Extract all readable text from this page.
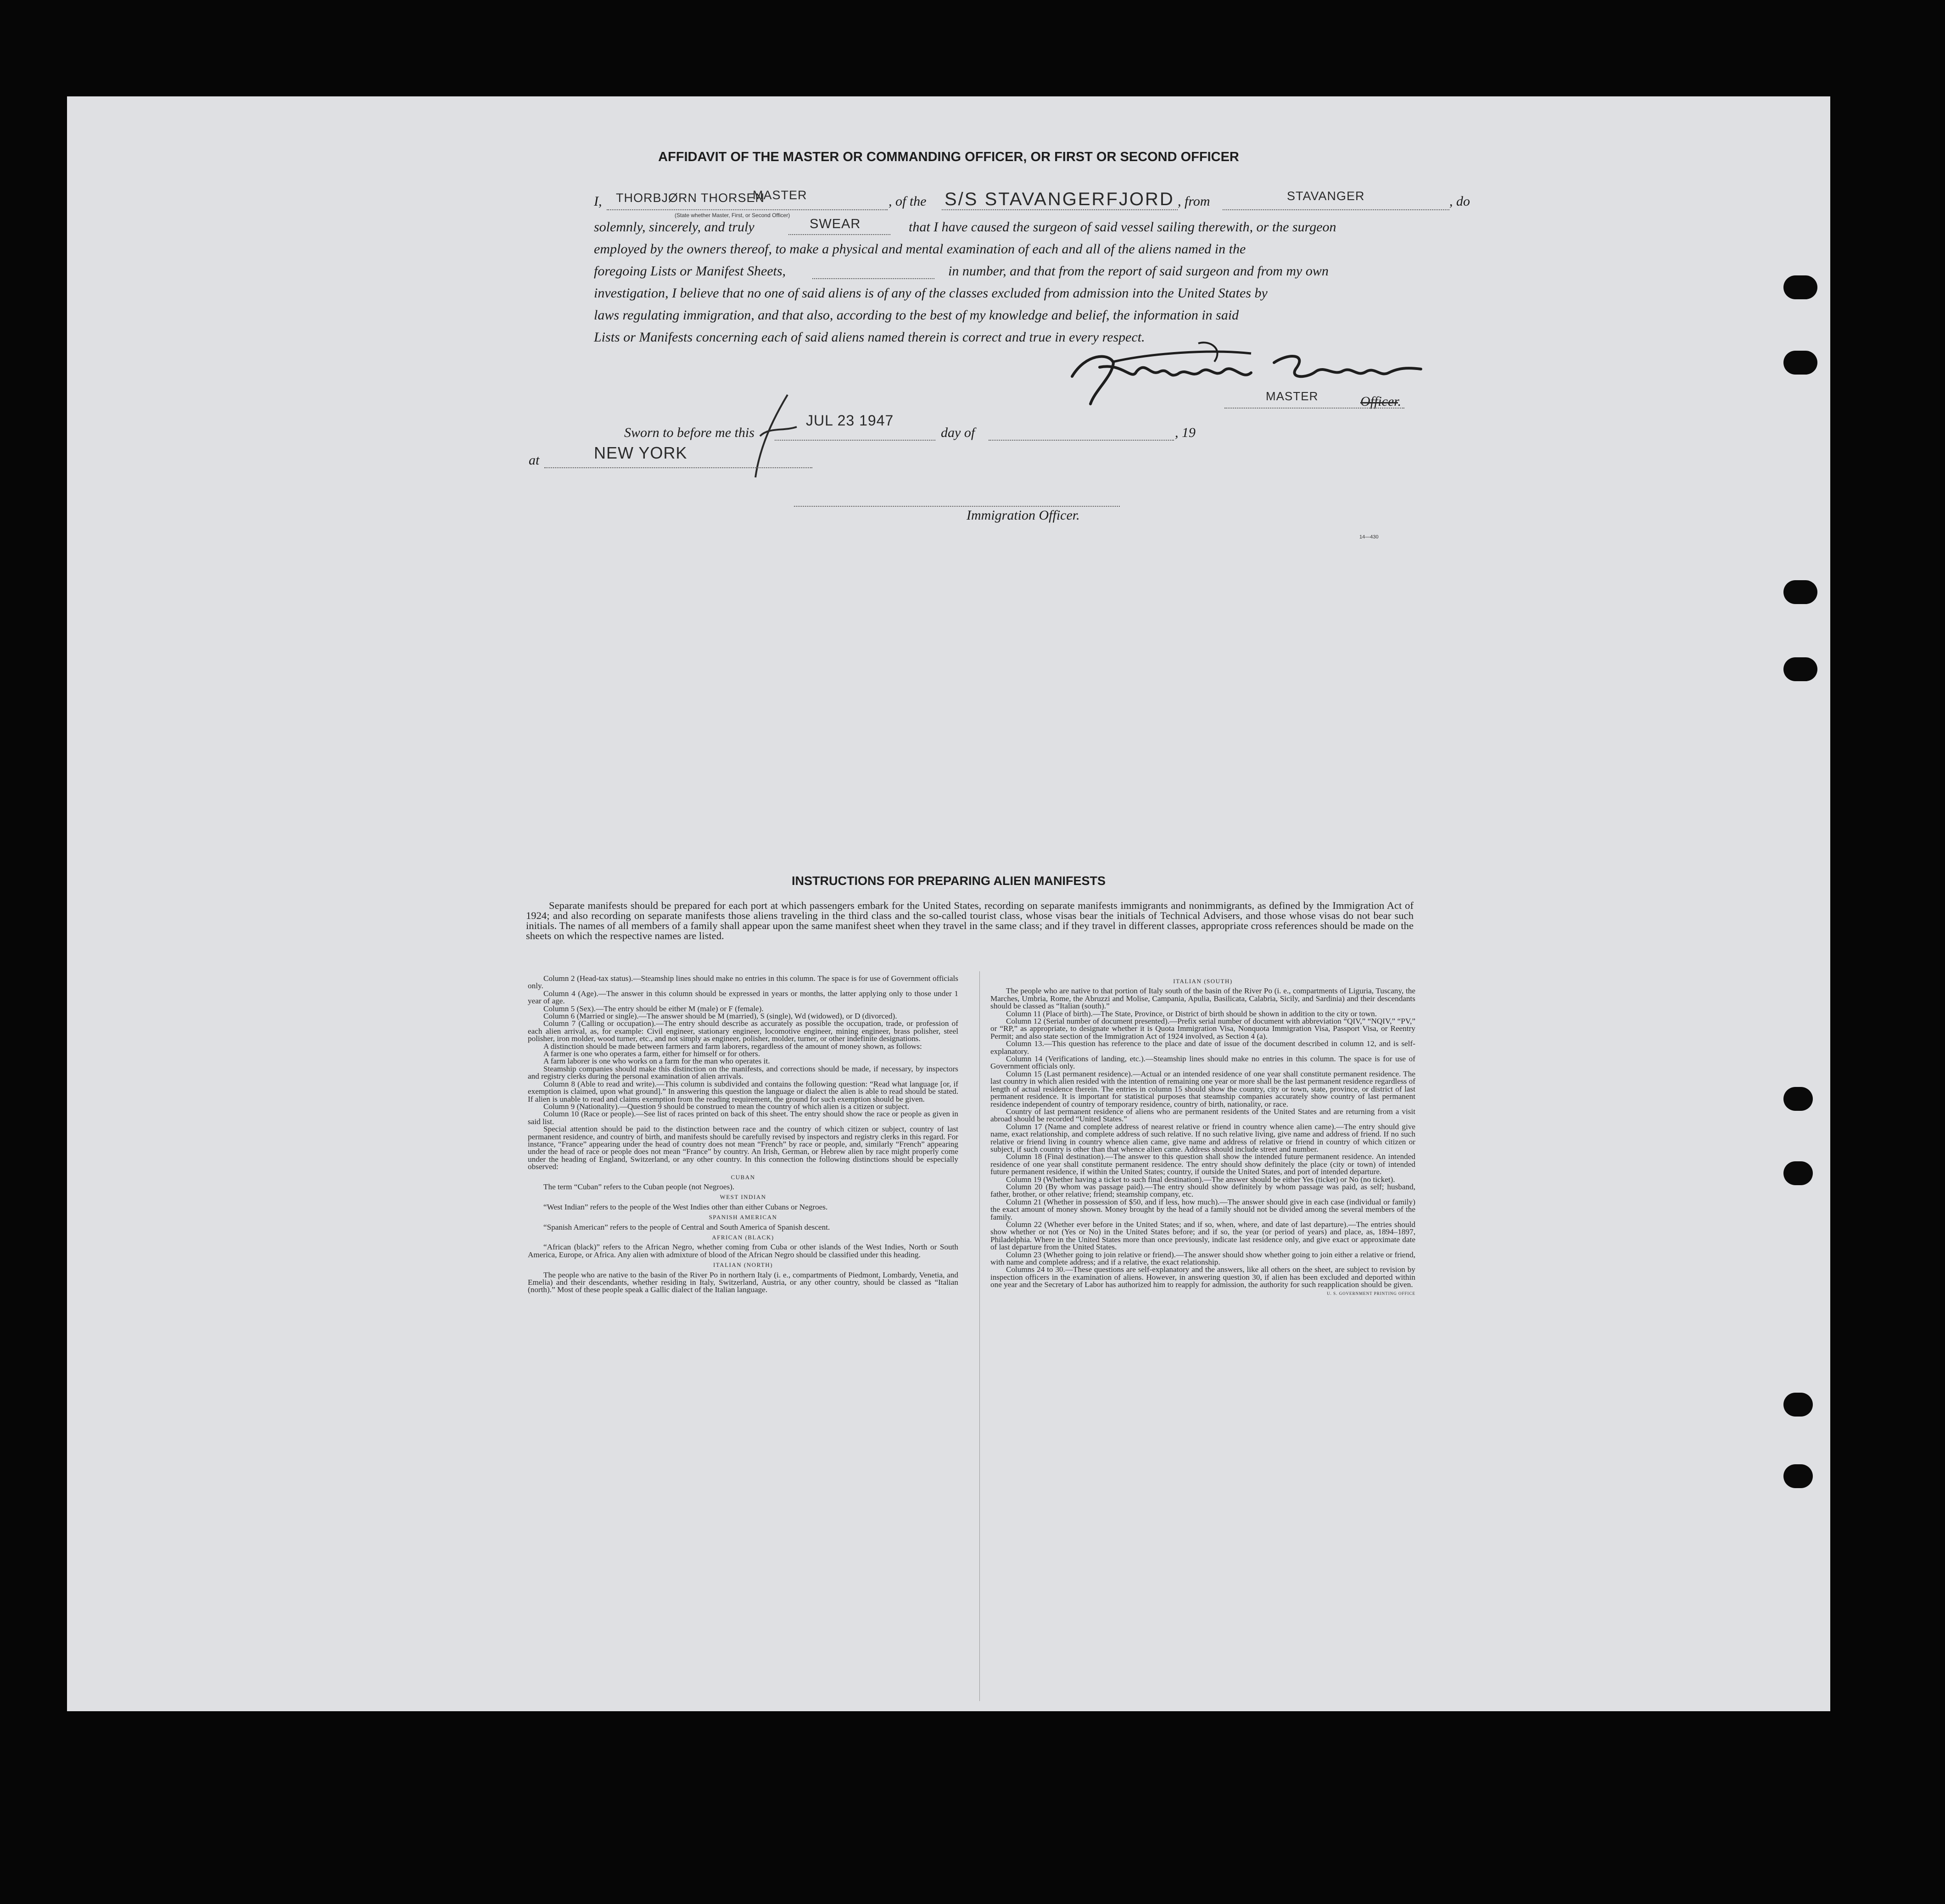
AFFIDAVIT OF THE MASTER OR COMMANDING OFFICER, OR FIRST OR SECOND OFFICER
I, THORBJØRN THORSEN
MASTER
(State whether Master, First, or Second Officer)
, of the S/S STAVANGERFJORD , from	STAVANGER	, do
solemnly, sincerely, and truly	SWEAR	that I have caused the surgeon of said vessel sailing therewith, or the surgeon
employed by the owners thereof, to make a physical and mental examination of each and all of the aliens named in the
foregoing Lists or Manifest Sheets,	in number, and that from the report of said surgeon and from my own
investigation, I believe that no one of said aliens is of any of the classes excluded from admission into the United States by
laws regulating immigration, and that also, according to the best of my knowledge and belief, the information in said
Lists or Manifests concerning each of said aliens named therein is correct and true in every respect.
MASTER	Officer.
Sworn to before me this
JUL 23 1947
day of	, 19
at	NEW YORK
Immigration Officer.
14—430
INSTRUCTIONS FOR PREPARING ALIEN MANIFESTS
Separate manifests should be prepared for each port at which passengers embark for the United States, recording on separate manifests immigrants and nonimmigrants, as defined by the Immigration Act of 1924; and also recording on separate manifests those aliens traveling in the third class and the so-called tourist class, whose visas bear the initials of Technical Advisers, and those whose visas do not bear such initials. The names of all members of a family shall appear upon the same manifest sheet when they travel in the same class; and if they travel in different classes, appropriate cross references should be made on the sheets on which the respective names are listed.

Column 2 (Head-tax status).—Steamship lines should make no entries in this column. The space is for use of Government officials only.

Column 4 (Age).—The answer in this column should be expressed in years or months, the latter applying only to those under 1 year of age.

Column 5 (Sex).—The entry should be either M (male) or F (female).

Column 6 (Married or single).—The answer should be M (married), S (single), Wd (widowed), or D (divorced).

Column 7 (Calling or occupation).—The entry should describe as accurately as possible the occupation, trade, or profession of each alien arrival, as, for example: Civil engineer, stationary engineer, locomotive engineer, mining engineer, brass polisher, steel polisher, iron molder, wood turner, etc., and not simply as engineer, polisher, molder, turner, or other indefinite designations.

A distinction should be made between farmers and farm laborers, regardless of the amount of money shown, as follows:

A farmer is one who operates a farm, either for himself or for others.

A farm laborer is one who works on a farm for the man who operates it.

Steamship companies should make this distinction on the manifests, and corrections should be made, if necessary, by inspectors and registry clerks during the personal examination of alien arrivals.

Column 8 (Able to read and write).—This column is subdivided and contains the following question: “Read what language [or, if exemption is claimed, upon what ground].” In answering this question the language or dialect the alien is able to read should be stated. If alien is unable to read and claims exemption from the reading requirement, the ground for such exemption should be given.

Column 9 (Nationality).—Question 9 should be construed to mean the country of which alien is a citizen or subject.

Column 10 (Race or people).—See list of races printed on back of this sheet. The entry should show the race or people as given in said list.

Special attention should be paid to the distinction between race and the country of which citizen or subject, country of last permanent residence, and country of birth, and manifests should be carefully revised by inspectors and registry clerks in this regard. For instance, “France” appearing under the head of country does not mean “French” by race or people, and, similarly “French” appearing under the head of race or people does not mean “France” by country. An Irish, German, or Hebrew alien by race might properly come under the heading of England, Switzerland, or any other country. In this connection the following distinctions should be especially observed:

CUBAN

The term “Cuban” refers to the Cuban people (not Negroes).

WEST INDIAN

“West Indian” refers to the people of the West Indies other than either Cubans or Negroes.

SPANISH AMERICAN

“Spanish American” refers to the people of Central and South America of Spanish descent.

AFRICAN (BLACK)

“African (black)” refers to the African Negro, whether coming from Cuba or other islands of the West Indies, North or South America, Europe, or Africa. Any alien with admixture of blood of the African Negro should be classified under this heading.

ITALIAN (NORTH)

The people who are native to the basin of the River Po in northern Italy (i. e., compartments of Piedmont, Lombardy, Venetia, and Emelia) and their descendants, whether residing in Italy, Switzerland, Austria, or any other country, should be classed as “Italian (north).” Most of these people speak a Gallic dialect of the Italian language.

ITALIAN (SOUTH)

The people who are native to that portion of Italy south of the basin of the River Po (i. e., compartments of Liguria, Tuscany, the Marches, Umbria, Rome, the Abruzzi and Molise, Campania, Apulia, Basilicata, Calabria, Sicily, and Sardinia) and their descendants should be classed as “Italian (south).”

Column 11 (Place of birth).—The State, Province, or District of birth should be shown in addition to the city or town.

Column 12 (Serial number of document presented).—Prefix serial number of document with abbreviation “QIV,” “NQIV,” “PV,” or “RP,” as appropriate, to designate whether it is Quota Immigration Visa, Nonquota Immigration Visa, Passport Visa, or Reentry Permit; and also state section of the Immigration Act of 1924 involved, as Section 4 (a).

Column 13.—This question has reference to the place and date of issue of the document described in column 12, and is self-explanatory.

Column 14 (Verifications of landing, etc.).—Steamship lines should make no entries in this column. The space is for use of Government officials only.

Column 15 (Last permanent residence).—Actual or an intended residence of one year shall constitute permanent residence. The last country in which alien resided with the intention of remaining one year or more shall be the last permanent residence regardless of length of actual residence therein. The entries in column 15 should show the country, city or town, state, province, or district of last permanent residence. It is important for statistical purposes that steamship companies accurately show country of last permanent residence independent of country of temporary residence, country of birth, nationality, or race.

Country of last permanent residence of aliens who are permanent residents of the United States and are returning from a visit abroad should be recorded “United States.”

Column 17 (Name and complete address of nearest relative or friend in country whence alien came).—The entry should give name, exact relationship, and complete address of such relative. If no such relative living, give name and address of friend. If no such relative or friend living in country whence alien came, give name and address of relative or friend in country of which citizen or subject, if such country is other than that whence alien came. Address should include street and number.

Column 18 (Final destination).—The answer to this question shall show the intended future permanent residence. An intended residence of one year shall constitute permanent residence. The entry should show definitely the place (city or town) of intended future permanent residence, if within the United States; country, if outside the United States, and port of intended departure.

Column 19 (Whether having a ticket to such final destination).—The answer should be either Yes (ticket) or No (no ticket).

Column 20 (By whom was passage paid).—The entry should show definitely by whom passage was paid, as self; husband, father, brother, or other relative; friend; steamship company, etc.

Column 21 (Whether in possession of $50, and if less, how much).—The answer should give in each case (individual or family) the exact amount of money shown. Money brought by the head of a family should not be divided among the several members of the family.

Column 22 (Whether ever before in the United States; and if so, when, where, and date of last departure).—The entries should show whether or not (Yes or No) in the United States before; and if so, the year (or period of years) and place, as, 1894–1897, Philadelphia. Where in the United States more than once previously, indicate last residence only, and give exact or approximate date of last departure from the United States.

Column 23 (Whether going to join relative or friend).—The answer should show whether going to join either a relative or friend, with name and complete address; and if a relative, the exact relationship.

Columns 24 to 30.—These questions are self-explanatory and the answers, like all others on the sheet, are subject to revision by inspection officers in the examination of aliens. However, in answering question 30, if alien has been excluded and deported within one year and the Secretary of Labor has authorized him to reapply for admission, the authority for such reapplication should be given.

U. S. GOVERNMENT PRINTING OFFICE
